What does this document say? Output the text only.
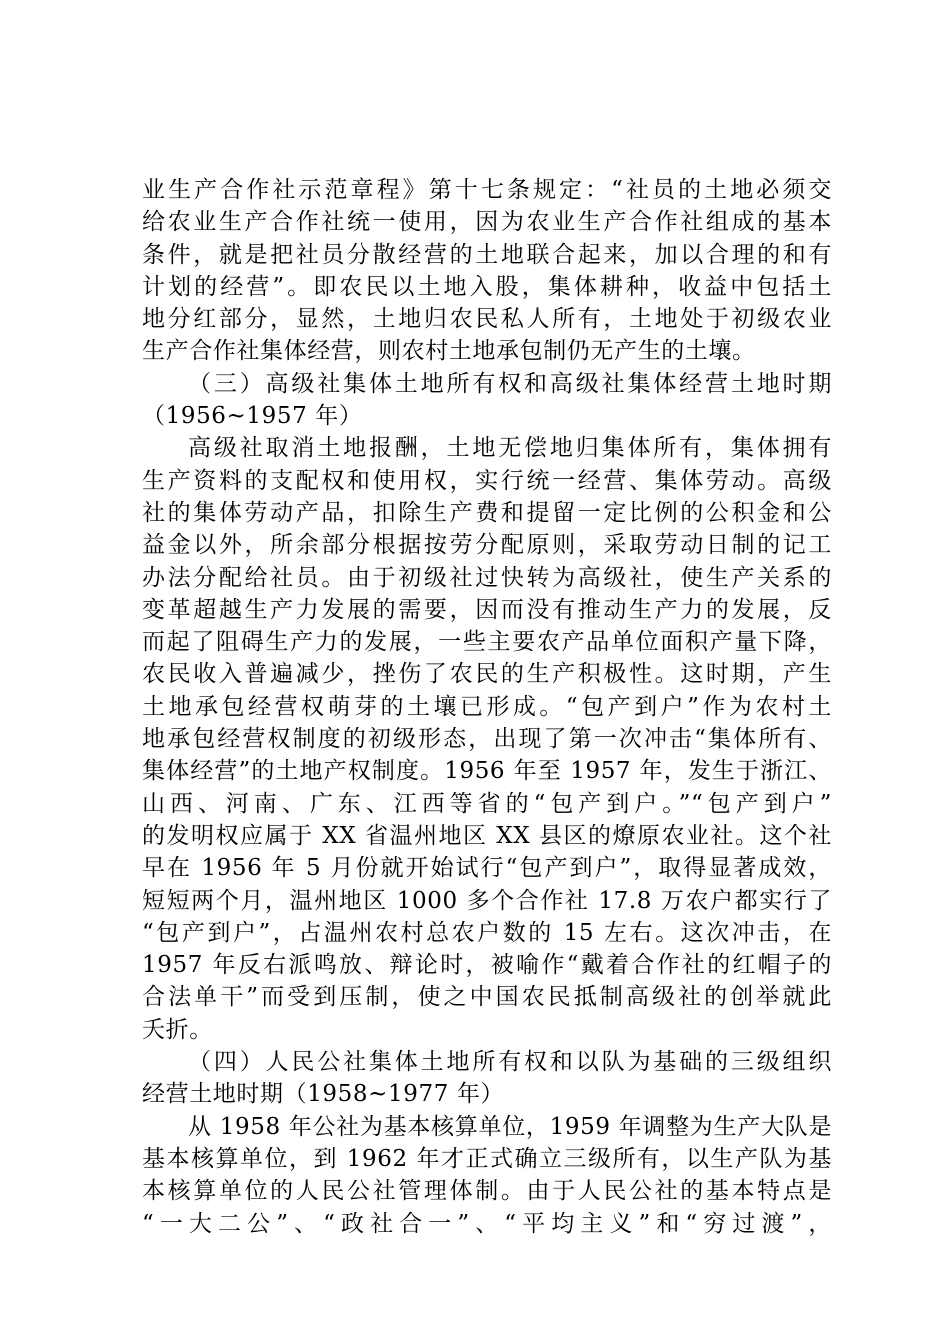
业生产合作社示范章程》第十七条规定：“社员的土地必须交
给农业生产合作社统一使用，因为农业生产合作社组成的基本
条件，就是把社员分散经营的土地联合起来，加以合理的和有
计划的经营”。即农民以土地入股，集体耕种，收益中包括土
地分红部分，显然，土地归农民私人所有，土地处于初级农业
生产合作社集体经营，则农村土地承包制仍无产生的土壤。
（三）高级社集体土地所有权和高级社集体经营土地时期
（1956~1957 年）
高级社取消土地报酬，土地无偿地归集体所有，集体拥有
生产资料的支配权和使用权，实行统一经营、集体劳动。高级
社的集体劳动产品，扣除生产费和提留一定比例的公积金和公
益金以外，所余部分根据按劳分配原则，采取劳动日制的记工
办法分配给社员。由于初级社过快转为高级社，使生产关系的
变革超越生产力发展的需要，因而没有推动生产力的发展，反
而起了阻碍生产力的发展，一些主要农产品单位面积产量下降，
农民收入普遍减少，挫伤了农民的生产积极性。这时期，产生
土地承包经营权萌芽的土壤已形成。“包产到户”作为农村土
地承包经营权制度的初级形态，出现了第一次冲击“集体所有、
集体经营”的土地产权制度。1956 年至 1957 年，发生于浙江、
山西、河南、广东、江西等省的“包产到户。”“包产到户”
的发明权应属于 XX 省温州地区 XX 县区的燎原农业社。这个社
早在 1956 年 5 月份就开始试行“包产到户”，取得显著成效，
短短两个月，温州地区 1000 多个合作社 17.8 万农户都实行了
“包产到户”，占温州农村总农户数的 15 左右。这次冲击，在
1957 年反右派鸣放、辩论时，被喻作“戴着合作社的红帽子的
合法单干”而受到压制，使之中国农民抵制高级社的创举就此
夭折。
（四）人民公社集体土地所有权和以队为基础的三级组织
经营土地时期（1958~1977 年）
从 1958 年公社为基本核算单位，1959 年调整为生产大队是
基本核算单位，到 1962 年才正式确立三级所有，以生产队为基
本核算单位的人民公社管理体制。由于人民公社的基本特点是
“一大二公”、“政社合一”、“平均主义”和“穷过渡”，
